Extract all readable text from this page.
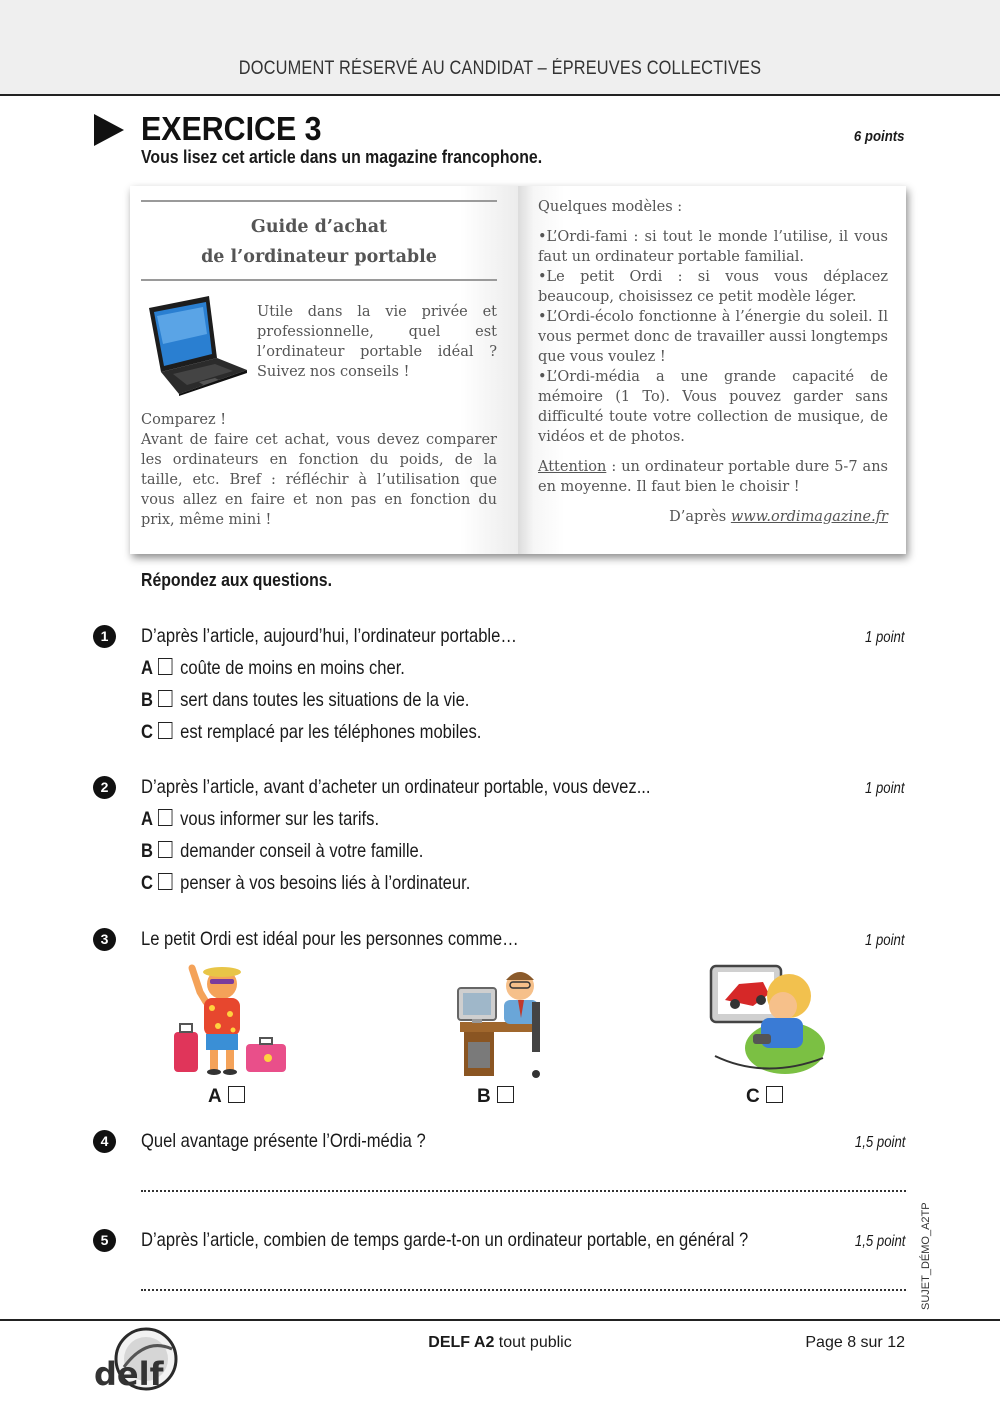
DOCUMENT RÉSERVÉ AU CANDIDAT – ÉPREUVES COLLECTIVES
EXERCICE 3	6 points
Vous lisez cet article dans un magazine francophone.
Guide d’achat
de l’ordinateur portable
Utile dans la vie privée et professionnelle, quel est l’ordinateur portable idéal ? Suivez nos conseils !
Comparez !
Avant de faire cet achat, vous devez comparer les ordinateurs en fonction du poids, de la taille, etc. Bref : réfléchir à l’utilisation que vous allez en faire et non pas en fonction du prix, même mini !

Quelques modèles :

•L’Ordi-fami : si tout le monde l’utilise, il vous faut un ordinateur portable familial.

•Le petit Ordi : si vous vous déplacez beaucoup, choisissez ce petit modèle léger.

•L’Ordi-écolo fonctionne à l’énergie du soleil. Il vous permet donc de travailler aussi longtemps que vous voulez !

•L’Ordi-média a une grande capacité de mémoire (1 To). Vous pouvez garder sans difficulté toute votre collection de musique, de vidéos et de photos.

Attention : un ordinateur portable dure 5-7 ans en moyenne. Il faut bien le choisir !

D’après www.ordimagazine.fr

Répondez aux questions.
1	D’après l’article, aujourd’hui, l’ordinateur portable…	1 point
A coûte de moins en moins cher.
B sert dans toutes les situations de la vie.
C est remplacé par les téléphones mobiles.
2	D’après l’article, avant d’acheter un ordinateur portable, vous devez...	1 point
A vous informer sur les tarifs.
B demander conseil à votre famille.
C penser à vos besoins liés à l’ordinateur.
3	Le petit Ordi est idéal pour les personnes comme…	1 point
A	B	C
4	Quel avantage présente l’Ordi-média ?	1,5 point
5	D’après l’article, combien de temps garde-t-on un ordinateur portable, en général ?	1,5 point SUJET_DÉMO_A2TP
delf
DELF A2 tout public	Page 8 sur 12
